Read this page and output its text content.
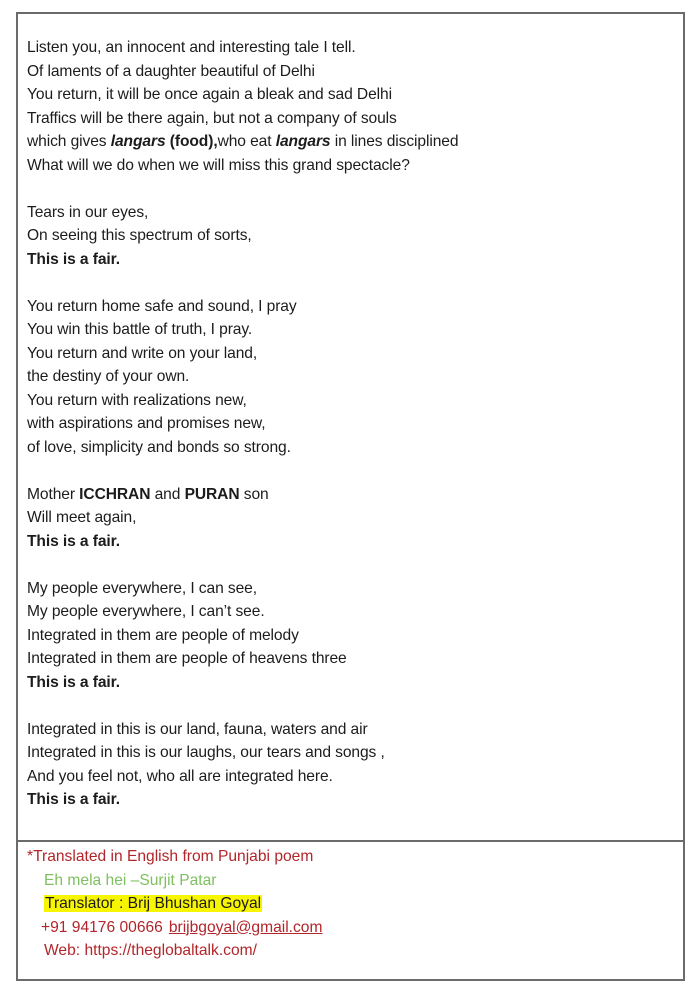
Listen you, an innocent and interesting tale I tell.
Of laments of a daughter beautiful of Delhi
You return, it will be once again a bleak and sad Delhi
Traffics will be there again, but not a company of souls
which gives langars (food),who eat langars in lines disciplined
What will we do when we will miss this grand spectacle?
Tears in our eyes,
On seeing this spectrum of sorts,
This is a fair.
You return home safe and sound, I pray
You win this battle of truth, I pray.
You return and write on your land,
the destiny of your own.
You return with realizations new,
with aspirations and promises new,
of love, simplicity and bonds so strong.
Mother ICCHRAN and PURAN son
Will meet again,
This is a fair.
My people everywhere, I can see,
My people everywhere, I can’t see.
Integrated in them are people of melody
Integrated in them are people of heavens three
This is a fair.
Integrated in this is our land, fauna, waters and air
Integrated in this is our laughs, our tears and songs ,
And you feel not, who all are integrated here.
This is a fair.
*Translated in English from Punjabi poem
Eh mela hei –Surjit Patar
Translator : Brij Bhushan Goyal
+91 94176 00666 brijbgoyal@gmail.com
Web: https://theglobaltalk.com/
